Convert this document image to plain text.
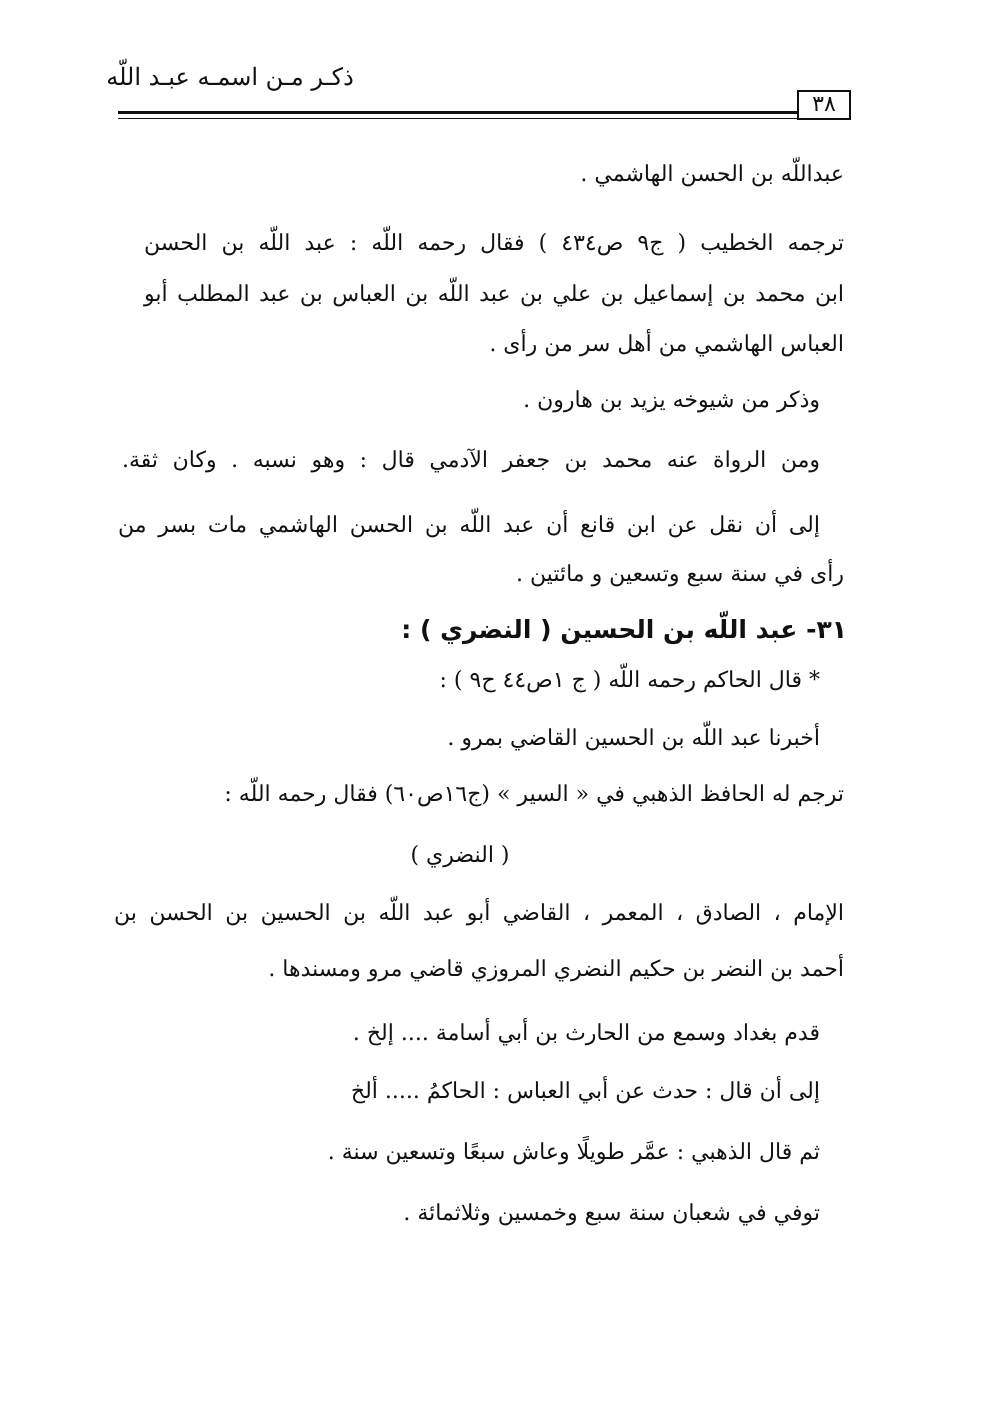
ذكـر مـن اسمـه عبـد اللّه
٣٨
عبداللّه بن الحسن الهاشمي .
ترجمه الخطيب ( ج٩ ص٤٣٤ ) فقال رحمه اللّه : عبد اللّه بن الحسن
ابن محمد بن إسماعيل بن علي بن عبد اللّه بن العباس بن عبد المطلب أبو
العباس الهاشمي من أهل سر من رأى .
وذكر من شيوخه يزيد بن هارون .
ومن الرواة عنه محمد بن جعفر الآدمي قال : وهو نسبه . وكان ثقة.
إلى أن نقل عن ابن قانع أن عبد اللّه بن الحسن الهاشمي مات بسر من
رأى في سنة سبع وتسعين و مائتين .
٣١- عبد اللّه بن الحسين ( النضري ) :
* قال الحاكم رحمه اللّه ( ج ١ص٤٤ ح٩ ) :
أخبرنا عبد اللّه بن الحسين القاضي بمرو .
ترجم له الحافظ الذهبي في « السير » (ج١٦ص٦٠) فقال رحمه اللّه :
( النضري )
الإمام ، الصادق ، المعمر ، القاضي أبو عبد اللّه بن الحسين بن الحسن بن
أحمد بن النضر بن حكيم النضري المروزي قاضي مرو ومسندها .
قدم بغداد وسمع من الحارث بن أبي أسامة .... إلخ .
إلى أن قال : حدث عن أبي العباس : الحاكمُ ..... ألخ
ثم قال الذهبي : عمَّر طويلًا وعاش سبعًا وتسعين سنة .
توفي في شعبان سنة سبع وخمسين وثلاثمائة .
